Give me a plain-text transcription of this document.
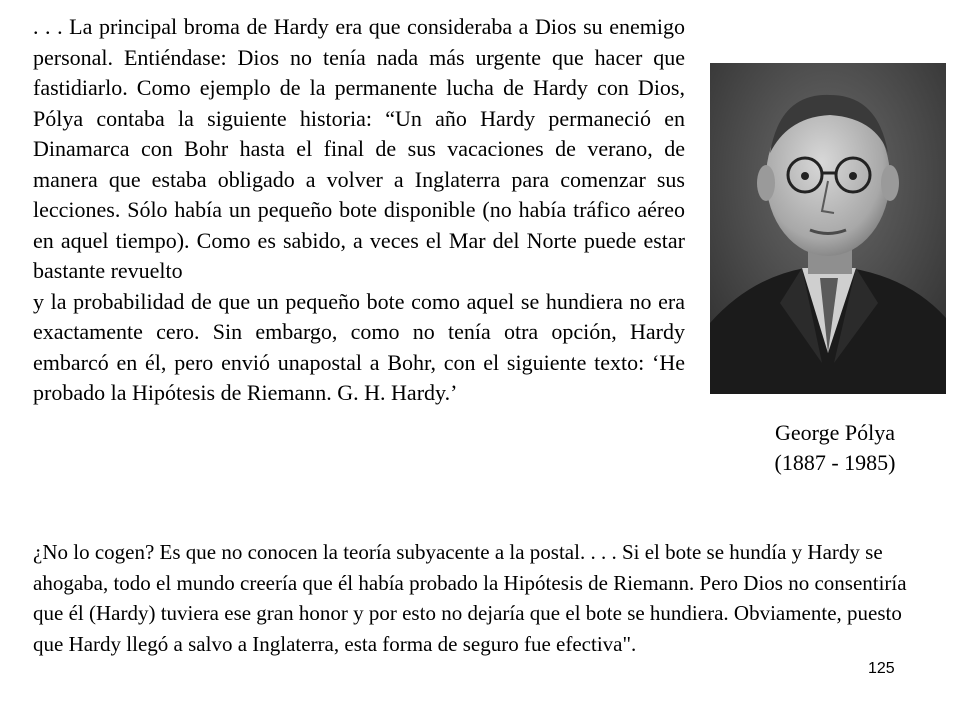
. . . La principal broma de Hardy era que consideraba a Dios su enemigo personal. Entiéndase: Dios no tenía nada más urgente que hacer que fastidiarlo. Como ejemplo de la permanente lucha de Hardy con Dios, Pólya contaba la siguiente historia: “Un año Hardy permaneció en Dinamarca con Bohr hasta el final de sus vacaciones de verano, de manera que estaba obligado a volver a Inglaterra para comenzar sus lecciones. Sólo había un pequeño bote disponible (no había tráfico aéreo en aquel tiempo). Como es sabido, a veces el Mar del Norte puede estar bastante revuelto

y la probabilidad de que un pequeño bote como aquel se hundiera no era exactamente cero. Sin embargo, como no tenía otra opción, Hardy embarcó en él, pero envió unapostal a Bohr, con el siguiente texto: ‘He probado la Hipótesis de Riemann. G. H. Hardy.’

George Pólya
(1887 - 1985)
¿No lo cogen? Es que no conocen la teoría subyacente a la postal. . . . Si el bote se hundía y Hardy se ahogaba, todo el mundo creería que él había probado la Hipótesis de Riemann. Pero Dios no consentiría que él (Hardy) tuviera ese gran honor y por esto no dejaría que el bote se hundiera. Obviamente, puesto que Hardy llegó a salvo a Inglaterra, esta forma de seguro fue efectiva".
125
